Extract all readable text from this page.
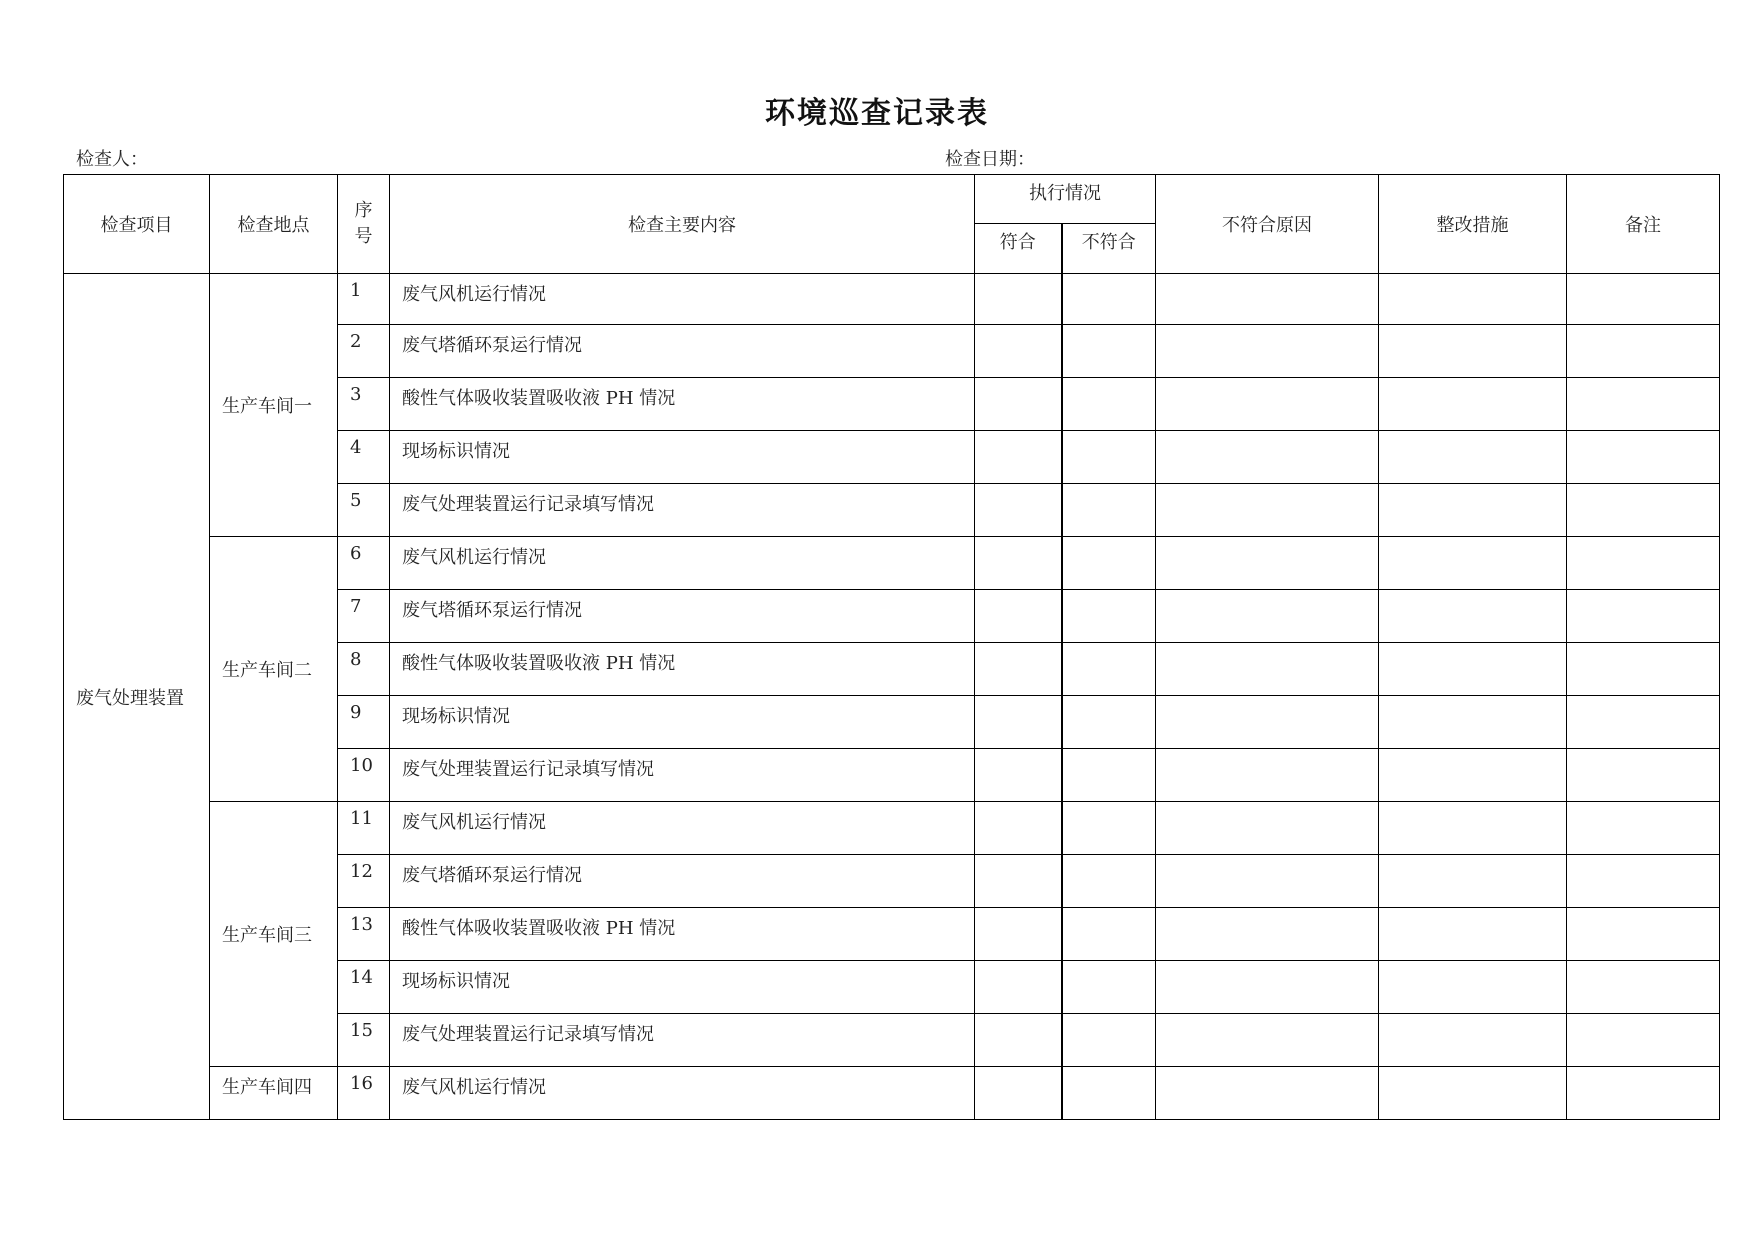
环境巡查记录表
检查人：	检查日期：
检查项目	检查地点	序
号	检查主要内容	执行情况		不符合原因	整改措施	备注
				符合	不符合			
废气处理装置	生产车间一	1	废气风机运行情况					
		2	废气塔循环泵运行情况					
		3	酸性气体吸收装置吸收液 PH 情况					
		4	现场标识情况					
		5	废气处理装置运行记录填写情况					
	生产车间二	6	废气风机运行情况					
		7	废气塔循环泵运行情况					
		8	酸性气体吸收装置吸收液 PH 情况					
		9	现场标识情况					
		10	废气处理装置运行记录填写情况					
	生产车间三	11	废气风机运行情况					
		12	废气塔循环泵运行情况					
		13	酸性气体吸收装置吸收液 PH 情况					
		14	现场标识情况					
		15	废气处理装置运行记录填写情况					
	生产车间四	16	废气风机运行情况					
